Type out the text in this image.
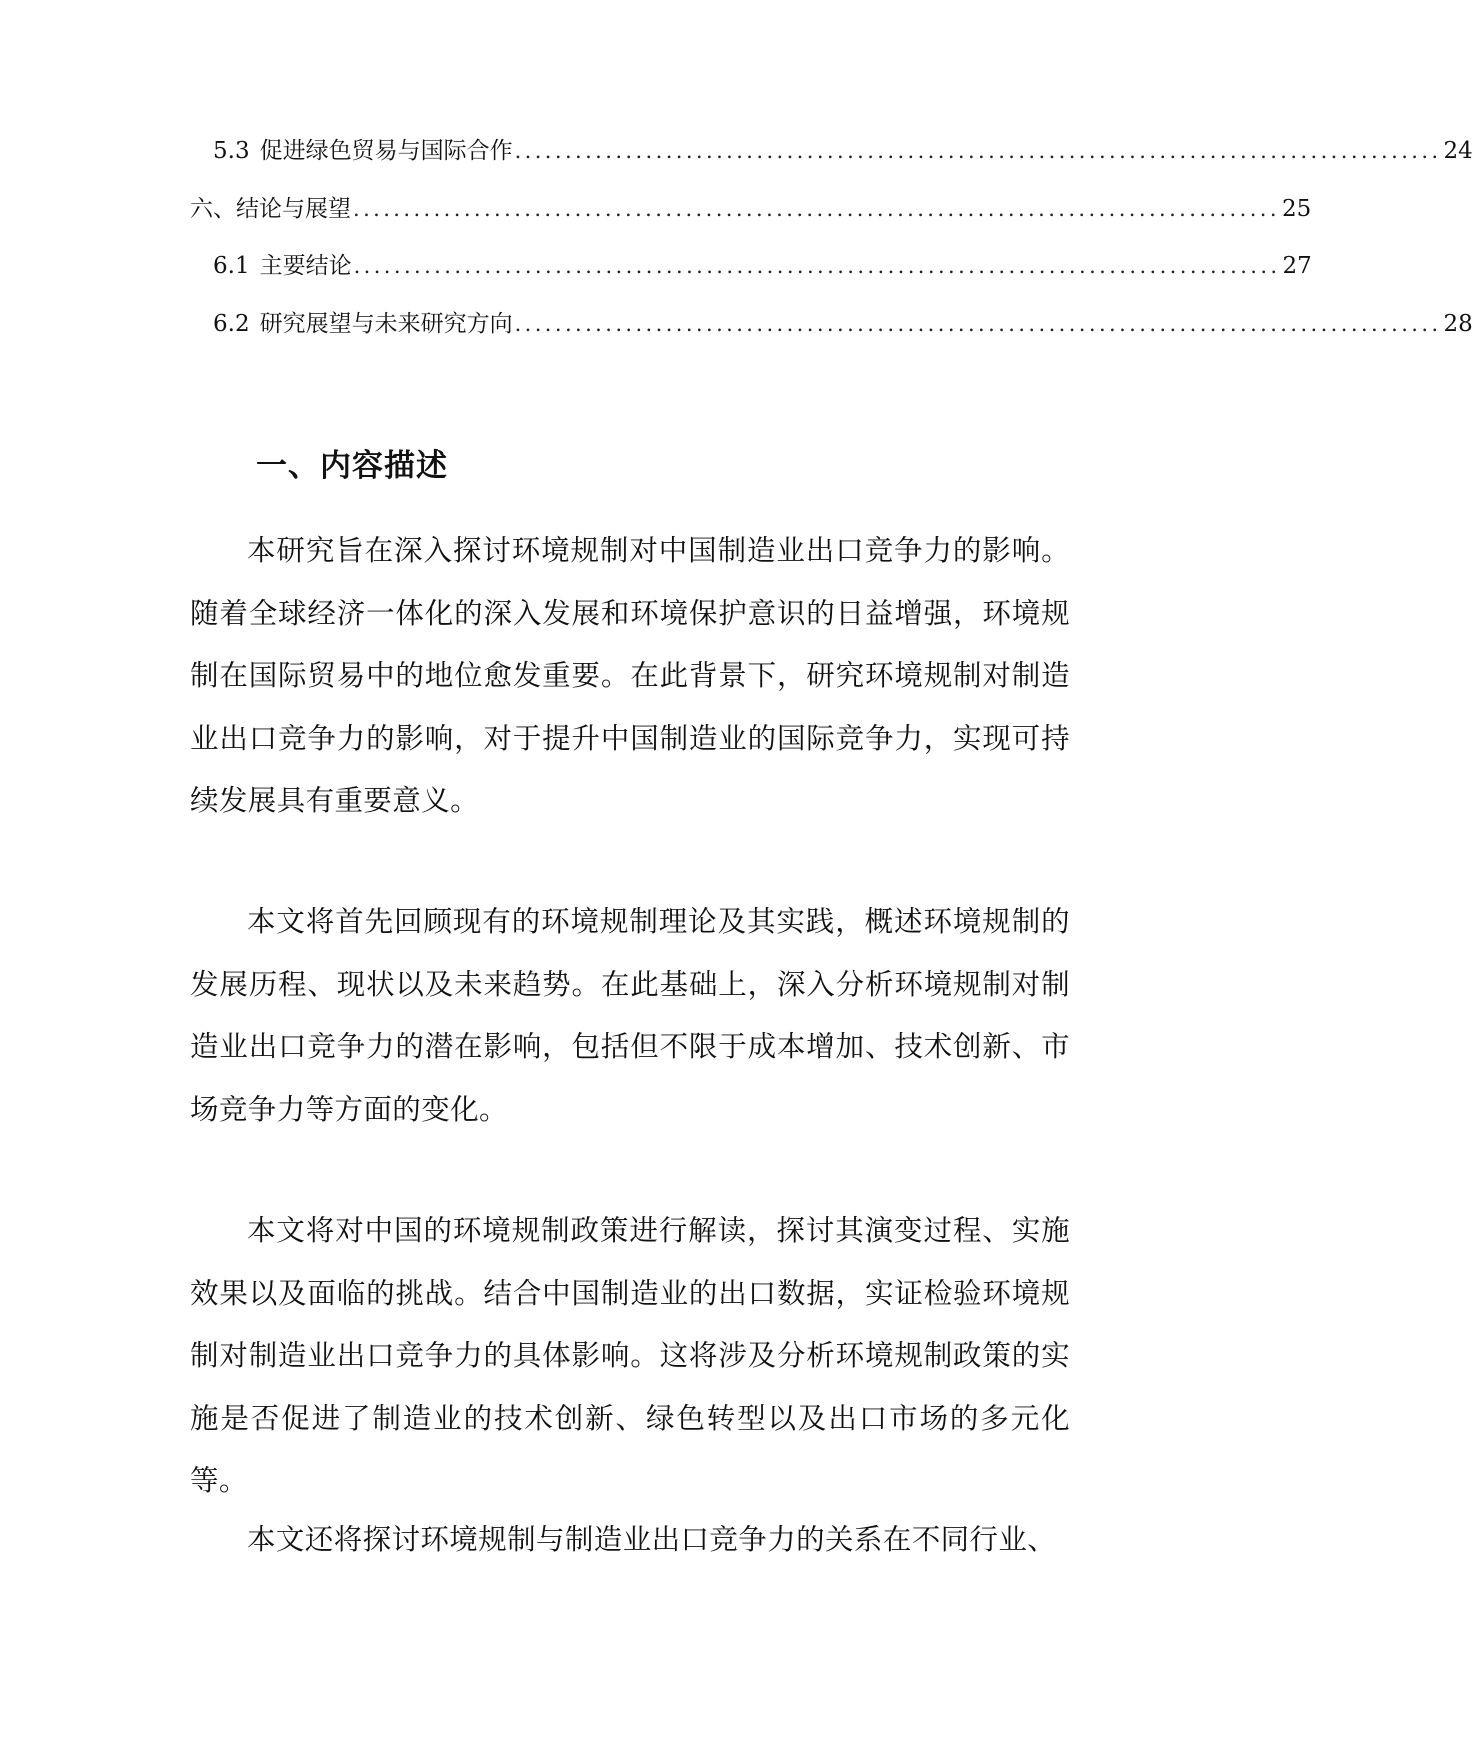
5.3 促进绿色贸易与国际合作 ............................................................................................ 24
六、结论与展望 ............................................................................................ 25
6.1 主要结论 ............................................................................................ 27
6.2 研究展望与未来研究方向 ............................................................................................ 28
一、内容描述

本研究旨在深入探讨环境规制对中国制造业出口竞争力的影响。随着全球经济一体化的深入发展和环境保护意识的日益增强，环境规制在国际贸易中的地位愈发重要。在此背景下，研究环境规制对制造业出口竞争力的影响，对于提升中国制造业的国际竞争力，实现可持续发展具有重要意义。

本文将首先回顾现有的环境规制理论及其实践，概述环境规制的发展历程、现状以及未来趋势。在此基础上，深入分析环境规制对制造业出口竞争力的潜在影响，包括但不限于成本增加、技术创新、市场竞争力等方面的变化。

本文将对中国的环境规制政策进行解读，探讨其演变过程、实施效果以及面临的挑战。结合中国制造业的出口数据，实证检验环境规制对制造业出口竞争力的具体影响。这将涉及分析环境规制政策的实施是否促进了制造业的技术创新、绿色转型以及出口市场的多元化等。

本文还将探讨环境规制与制造业出口竞争力的关系在不同行业、
